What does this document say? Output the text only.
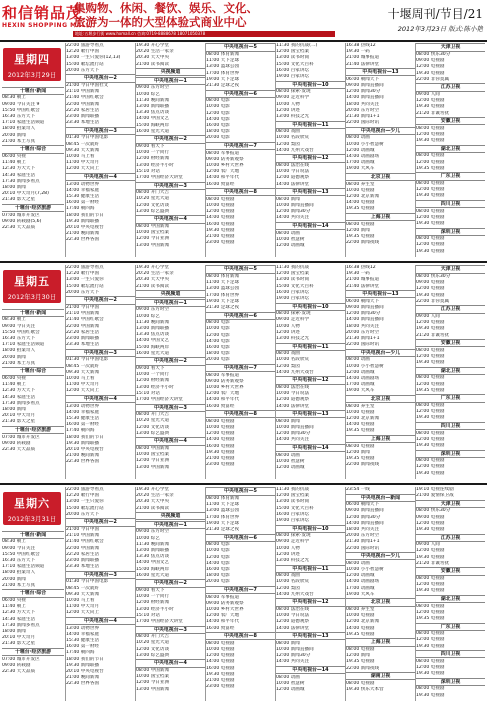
和信销品茂
HEXIN SHOPPING MALL
集购物、休闲、餐饮、娱乐、文化、
旅游为一体的大型体验式商业中心
地址:五堰步行街 www.hxmall.cn 咨询:0719-8888678 18071050378
十堰周刊/节目/21
2012年3月23日 版式:陈小艳
星期四
2012年3月29日

十堰台·新闻
08:30 朝上
09:00 今日关注 9
15:50 中国红歌会
16:30 东方天下
17:10 家庭生活频道
18:00 拍案奇人
20:00 新闻
21:00 本土写真
十堰台·综合
06:00 央视
11:40 朝上
12:30 方大天下
14:30 家庭生活
17:30 新闻多看点
18:00 新闻
20:10 中天奇月(7,28)
21:30 影天之星
十堰台·经济旅游
07:00 城市开发区
09:00 转载剧(5,6)
22:30 天天品质
22:00 旅游导看点
12:20 歌行中国
13:00 一生只爱你(12,13)
15:00 歌坛流行站
20:00 东方天下
中央电视台—2
21:00 今日中国社文
21:10 中国新闻
21:40 中国红歌会
22:00 中国新闻
22:20 家居生活
23:00 新闻联播
23:30 本地生活
中央电视台—3
01:30 今日中国电影
08:45 一次就好
09:30 天天新闻
10:00 马上看
11:00 中天奇月
12:00 天天向上
中央电视台—4
13:00 动物世界
14:00 幸福家庭
15:30 健康生活
16:00 第一财经
17:40 朝四海
18:00 我们的节日
19:30 新闻联播
20:10 中央电视台
21:00 晚间新闻
22:30 世界各国
19:30 开心学堂
20:20 生活一家亲
20:30 天天中央
21:00 读书阅读
央视频道
中央电视台—1
09:00 东方时空
10:00 综艺
11:30 晚间新闻
13:00 新闻联播
13:30 焦点访谈
14:00 中国文艺
15:00 海峡两岸
16:00 星光大道
中央电视台—2
09:00 看天下
10:00 一个同行
12:00 财经新闻
13:00 经济半小时
15:10 对话
17:00 中国经济大讲堂
中央电视台—3
08:00 开门大吉
10:20 星光大道
12:00 文化访谈
13:00 综艺盛典
中央电视台—4
08:00 中国新闻
10:00 国宝档案
12:00 今日亚洲
13:00 中国新闻
中央电视台—5
08:00 体育新闻
11:00 天下足球
13:00 篮球公园
17:00 体育世界
19:00 天下足球
21:30 足球之夜
中央电视台—6
08:00 电影
10:00 电影
12:00 电影
14:00 电影
16:00 电影
18:00 电影
20:00 电影
中央电视台—7
08:00 军事报道
09:00 防务新观察
10:00 乡村大世界
12:00 农广天地
14:00 和平年代
16:00 致富经
中央电视台—8
08:00 电视剧
10:00 电视剧
12:00 电视剧
14:00 电视剧
16:00 电视剧
19:30 电视剧
21:00 电视剧
23:00 电视剧
11:30 我的抗战(二)
12:00 国宝档案
13:00 读书时间
15:00 文化大百科
16:00 百家讲坛
19:00 百家讲坛
中央电视台—10
08:00 探索·发现
09:00 走近科学
10:00 人物
12:00 讲述
13:00 科技之光
中央电视台—11
08:00 戏曲
10:00 名段欣赏
12:00 梨园
14:00 九州大戏台
中央电视台—12
08:00 法治在线
10:00 今日说法
12:00 道德观察
14:00 法律讲堂
中央电视台—13
08:00 新闻
10:00 新闻直播间
12:00 新闻30分
14:00 共同关注
中央电视台—14
08:00 动画
10:00 智慧树
12:00 动画城
16:38 热线12
19:30 一码
21:00 城事报道
21:40 法律讲堂
中央电视台—13
06:00 朝闻天下
09:00 新闻直播间
12:00 新闻30分
14:00 新闻直播间
18:00 共同关注
20:00 东方时空
21:30 新闻1+1
22:00 国际时讯
中央电视台—少儿
08:00 动画
10:00 小小智慧树
12:00 动画城
14:00 动画剧场
17:00 动画城
19:00 大风车
北京卫视
08:00 养生堂
10:00 电视剧
12:00 北京新闻
14:00 电视剧
19:35 电视剧
上海卫视
08:00 电视剧
12:00 新闻
19:35 电视剧
22:00 新闻夜线
天津卫视
08:00 快乐30分
09:00 电视剧
12:00 电视剧
19:30 电视剧
22:00 非你莫属
江苏卫视
09:00 人间
12:00 电视剧
19:30 电视剧
21:20 非诚勿扰
安徽卫视
08:00 电视剧
12:00 电视剧
19:30 电视剧
湖北卫视
08:00 电视剧
12:00 电视剧
19:35 电视剧
广东卫视
08:00 电视剧
12:00 电视剧
19:30 电视剧
四川卫视
08:00 电视剧
12:00 电视剧
19:30 电视剧
深圳卫视
08:00 电视剧
12:00 电视剧
19:30 电视剧
星期五
2012年3月30日

十堰台·新闻
08:30 朝上
09:00 今日关注
15:50 中国红歌会
16:30 东方天下
17:10 家庭生活频道
18:00 拍案奇人
20:00 新闻
21:00 本土写真
十堰台·综合
06:00 央视
11:40 朝上
12:30 方大天下
14:30 家庭生活
17:30 新闻多看点
18:00 新闻
20:10 中天奇月
21:30 影天之星
十堰台·经济旅游
07:00 城市开发区
09:00 转载剧
22:30 天天品质
22:00 旅游导看点
12:20 歌行中国
13:00 一生只爱你
15:00 歌坛流行站
20:00 东方天下
中央电视台—2
21:00 今日中国
21:10 中国新闻
21:40 中国红歌会
22:00 中国新闻
22:20 家居生活
23:00 新闻联播
23:30 本地生活
中央电视台—3
01:30 今日中国电影
08:45 一次就好
09:30 天天新闻
10:00 马上看
11:00 中天奇月
12:00 天天向上
中央电视台—4
13:00 动物世界
14:00 幸福家庭
15:30 健康生活
16:00 第一财经
17:40 朝四海
18:00 我们的节日
19:30 新闻联播
20:10 中央电视台
21:00 晚间新闻
22:30 世界各国
19:30 开心学堂
20:20 生活一家亲
20:30 天天中央
21:00 读书阅读
央视频道
中央电视台—1
09:00 东方时空
10:00 综艺
11:30 晚间新闻
13:00 新闻联播
13:30 焦点访谈
14:00 中国文艺
15:00 海峡两岸
16:00 星光大道
中央电视台—2
09:00 看天下
10:00 一个同行
12:00 财经新闻
13:00 经济半小时
15:10 对话
17:00 中国经济大讲堂
中央电视台—3
08:00 开门大吉
10:20 星光大道
12:00 文化访谈
13:00 综艺盛典
中央电视台—4
08:00 中国新闻
10:00 国宝档案
12:00 今日亚洲
13:00 中国新闻
中央电视台—5
08:00 体育新闻
11:00 天下足球
13:00 篮球公园
17:00 体育世界
19:00 天下足球
21:30 足球之夜
中央电视台—6
08:00 电影
10:00 电影
12:00 电影
14:00 电影
16:00 电影
18:00 电影
20:00 电影
中央电视台—7
08:00 军事报道
09:00 防务新观察
10:00 乡村大世界
12:00 农广天地
14:00 和平年代
16:00 致富经
中央电视台—8
08:00 电视剧
10:00 电视剧
12:00 电视剧
14:00 电视剧
16:00 电视剧
19:30 电视剧
21:00 电视剧
23:00 电视剧
11:30 我的抗战
12:00 国宝档案
13:00 读书时间
15:00 文化大百科
16:00 百家讲坛
19:00 百家讲坛
中央电视台—10
08:00 探索·发现
09:00 走近科学
10:00 人物
12:00 讲述
13:00 科技之光
中央电视台—11
08:00 戏曲
10:00 名段欣赏
12:00 梨园
14:00 九州大戏台
中央电视台—12
08:00 法治在线
10:00 今日说法
12:00 道德观察
14:00 法律讲堂
中央电视台—13
08:00 新闻
10:00 新闻直播间
12:00 新闻30分
14:00 共同关注
中央电视台—14
08:00 动画
10:00 智慧树
12:00 动画城
16:38 热线12
19:30 一码
21:00 城事报道
21:40 法律讲堂
中央电视台—13
06:00 朝闻天下
09:00 新闻直播间
12:00 新闻30分
14:00 新闻直播间
18:00 共同关注
20:00 东方时空
21:30 新闻1+1
22:00 国际时讯
中央电视台—少儿
08:00 动画
10:00 小小智慧树
12:00 动画城
14:00 动画剧场
17:00 动画城
19:00 大风车
北京卫视
08:00 养生堂
10:00 电视剧
12:00 北京新闻
14:00 电视剧
19:35 电视剧
上海卫视
08:00 电视剧
12:00 新闻
19:35 电视剧
22:00 新闻夜线
天津卫视
08:00 快乐30分
09:00 电视剧
12:00 电视剧
19:30 电视剧
22:00 非你莫属
江苏卫视
09:00 人间
12:00 电视剧
19:30 电视剧
21:20 非诚勿扰
安徽卫视
08:00 电视剧
12:00 电视剧
19:30 电视剧
湖北卫视
08:00 电视剧
12:00 电视剧
19:35 电视剧
广东卫视
08:00 电视剧
12:00 电视剧
19:30 电视剧
四川卫视
08:00 电视剧
12:00 电视剧
19:30 电视剧
深圳卫视
08:00 电视剧
12:00 电视剧
19:30 电视剧
星期六
2012年3月31日

十堰台·新闻
08:30 朝上
09:00 今日关注
15:50 中国红歌会
16:30 东方天下
17:10 家庭生活频道
18:00 拍案奇人
20:00 新闻
21:00 本土写真
十堰台·综合
06:00 央视
11:40 朝上
12:30 方大天下
14:30 家庭生活
17:30 新闻多看点
18:00 新闻
20:10 中天奇月
21:30 影天之星
十堰台·经济旅游
07:00 城市开发区
09:00 转载剧
22:30 天天品质
22:00 旅游导看点
12:20 歌行中国
13:00 一生只爱你
15:00 歌坛流行站
20:00 东方天下
中央电视台—2
21:00 今日中国
21:10 中国新闻
21:40 中国红歌会
22:00 中国新闻
22:20 家居生活
23:00 新闻联播
23:30 本地生活
中央电视台—3
01:30 今日中国电影
08:45 一次就好
09:30 天天新闻
10:00 马上看
11:00 中天奇月
12:00 天天向上
中央电视台—4
13:00 动物世界
14:00 幸福家庭
15:30 健康生活
16:00 第一财经
17:40 朝四海
18:00 我们的节日
19:30 新闻联播
20:10 中央电视台
21:00 晚间新闻
22:30 世界各国
19:30 开心学堂
20:20 生活一家亲
20:30 天天中央
21:00 读书阅读
央视频道
中央电视台—1
09:00 东方时空
10:00 综艺
11:30 晚间新闻
13:00 新闻联播
13:30 焦点访谈
14:00 中国文艺
15:00 海峡两岸
16:00 星光大道
中央电视台—2
09:00 看天下
10:00 一个同行
12:00 财经新闻
13:00 经济半小时
15:10 对话
17:00 中国经济大讲堂
中央电视台—3
08:00 开门大吉
10:20 星光大道
12:00 文化访谈
13:00 综艺盛典
中央电视台—4
08:00 中国新闻
10:00 国宝档案
12:00 今日亚洲
13:00 中国新闻
中央电视台—5
08:00 体育新闻
11:00 天下足球
13:00 篮球公园
17:00 体育世界
19:00 天下足球
21:30 足球之夜
中央电视台—6
08:00 电影
10:00 电影
12:00 电影
14:00 电影
16:00 电影
18:00 电影
20:00 电影
中央电视台—7
08:00 军事报道
09:00 防务新观察
10:00 乡村大世界
12:00 农广天地
14:00 和平年代
16:00 致富经
中央电视台—8
08:00 电视剧
10:00 电视剧
12:00 电视剧
14:00 电视剧
16:00 电视剧
19:30 电视剧
21:00 电视剧
23:00 电视剧
11:30 我的抗战
12:00 国宝档案
13:00 读书时间
15:00 文化大百科
16:00 百家讲坛
19:00 百家讲坛
中央电视台—10
08:00 探索·发现
09:00 走近科学
10:00 人物
12:00 讲述
13:00 科技之光
中央电视台—11
08:00 戏曲
10:00 名段欣赏
12:00 梨园
14:00 九州大戏台
中央电视台—12
08:00 法治在线
10:00 今日说法
12:00 道德观察
14:00 法律讲堂
中央电视台—13
08:00 新闻
10:00 新闻直播间
12:00 新闻30分
14:00 共同关注
中央电视台—14
08:00 动画
10:00 智慧树
12:00 动画城
23:54 一线
中央电视台—新闻
06:00 朝闻天下
09:00 新闻直播间
12:00 新闻30分
14:00 新闻直播间
18:00 共同关注
20:00 东方时空
21:30 新闻1+1
22:00 国际时讯
中央电视台—少儿
08:00 动画
10:00 小小智慧树
12:00 动画城
14:00 动画剧场
17:00 动画城
19:00 大风车
北京卫视
08:00 养生堂
10:00 电视剧
12:00 北京新闻
14:00 电视剧
19:35 电视剧
上海卫视
08:00 电视剧
12:00 新闻
19:35 电视剧
22:00 新闻夜线
湖南卫视
08:00 电视剧
19:30 快乐大本营
19:10 电视连续剧
21:00 爱情保卫战
天津卫视
08:00 快乐30分
09:00 电视剧
12:00 电视剧
19:30 电视剧
江苏卫视
09:00 人间
12:00 电视剧
19:30 电视剧
21:20 非诚勿扰
安徽卫视
08:00 电视剧
12:00 电视剧
19:30 电视剧
湖北卫视
08:00 电视剧
12:00 电视剧
19:35 电视剧
广东卫视
08:00 电视剧
12:00 电视剧
19:30 电视剧
四川卫视
08:00 电视剧
12:00 电视剧
19:30 电视剧
深圳卫视
08:00 电视剧
19:30 电视剧
